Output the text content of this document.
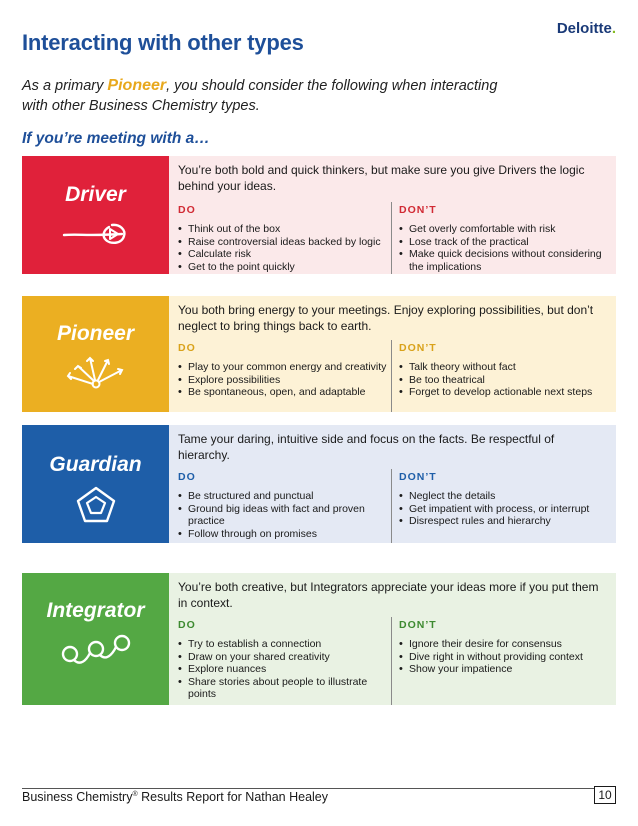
Deloitte.
Interacting with other types

As a primary Pioneer, you should consider the following when interacting with other Business Chemistry types.

If you’re meeting with a…
Driver

You’re both bold and quick thinkers, but make sure you give Drivers the logic behind your ideas.

DO
• Think out of the box
• Raise controversial ideas backed by logic
• Calculate risk
• Get to the point quickly
DON’T
• Get overly comfortable with risk
• Lose track of the practical
• Make quick decisions without considering the implications
Pioneer

You both bring energy to your meetings. Enjoy exploring possibilities, but don’t neglect to bring things back to earth.

DO
• Play to your common energy and creativity
• Explore possibilities
• Be spontaneous, open, and adaptable
DON’T
• Talk theory without fact
• Be too theatrical
• Forget to develop actionable next steps
Guardian

Tame your daring, intuitive side and focus on the facts. Be respectful of hierarchy.

DO
• Be structured and punctual
• Ground big ideas with fact and proven practice
• Follow through on promises
DON’T
• Neglect the details
• Get impatient with process, or interrupt
• Disrespect rules and hierarchy
Integrator

You’re both creative, but Integrators appreciate your ideas more if you put them in context.

DO
• Try to establish a connection
• Draw on your shared creativity
• Explore nuances
• Share stories about people to illustrate points
DON’T
• Ignore their desire for consensus
• Dive right in without providing context
• Show your impatience
Business Chemistry® Results Report for Nathan Healey	10
